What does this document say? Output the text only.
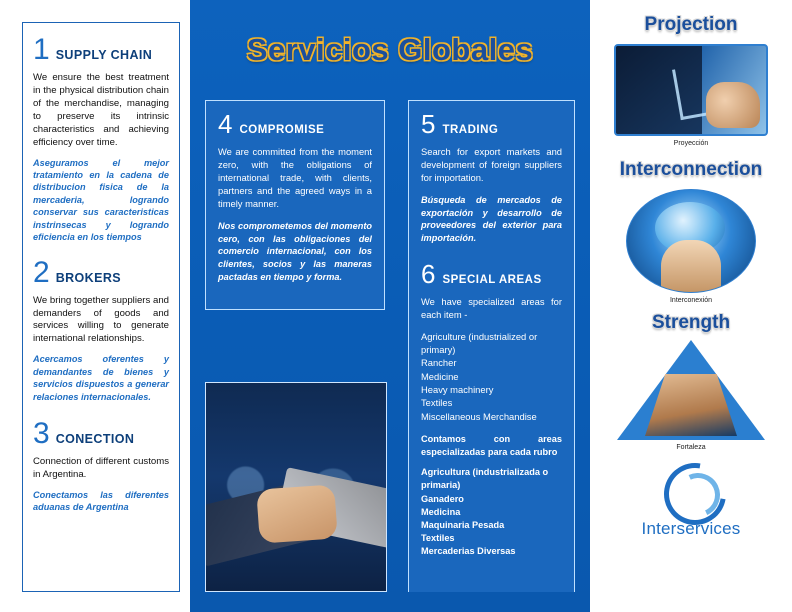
1 SUPPLY CHAIN
We ensure the best treatment in the physical distribution chain of the merchandise, managing to preserve its intrinsic characteristics and achieving efficiency over time.
Aseguramos el mejor tratamiento en la cadena de distribucion fisica de la mercaderia, logrando conservar sus caracteristicas instrinsecas y logrando eficiencia en los tiempos
2 BROKERS
We bring together suppliers and demanders of goods and services willing to generate international relationships.
Acercamos oferentes y demandantes de bienes y servicios dispuestos a generar relaciones internacionales.
3 CONECTION
Connection of different customs in Argentina.
Conectamos las diferentes aduanas de Argentina
Servicios Globales
4 COMPROMISE
We are committed from the moment zero, with the obligations of international trade, with clients, partners and the agreed ways in a timely manner.
Nos comprometemos del momento cero, con las obligaciones del comercio internacional, con los clientes, socios y las maneras pactadas en tiempo y forma.
5 TRADING
Search for export markets and development of foreign suppliers for importation.
Búsqueda de mercados de exportación y desarrollo de proveedores del exterior para importación.
6 SPECIAL AREAS
We have specialized areas for each item -
Agriculture (industrialized or primary)
Rancher
Medicine
Heavy machinery
Textiles
Miscellaneous Merchandise
Contamos con areas especializadas para cada rubro
Agricultura (industrializada o primaria)
Ganadero
Medicina
Maquinaria Pesada
Textiles
Mercaderias Diversas
Projection
Proyección
Interconnection
Interconexión
Strength
Fortaleza
Interservices
